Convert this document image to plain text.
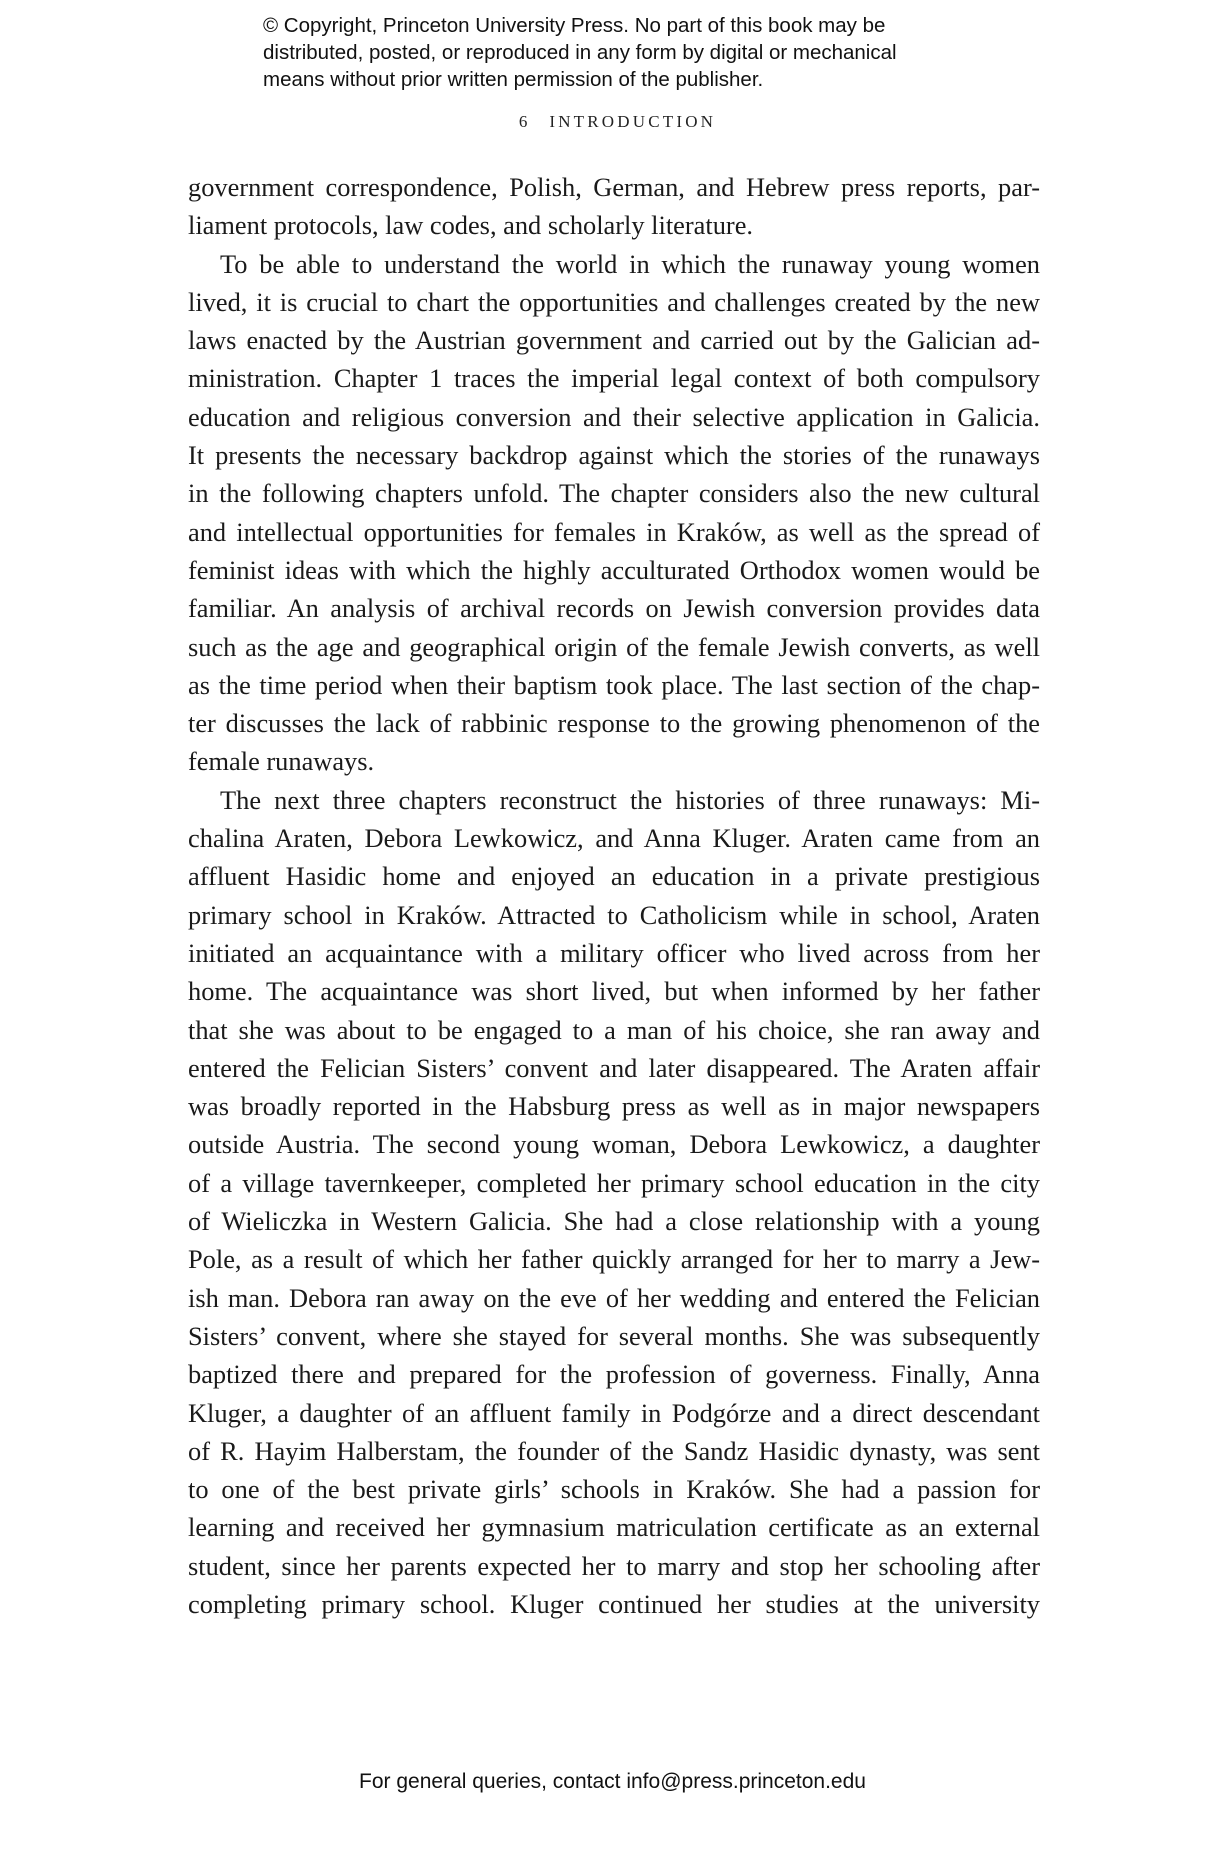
© Copyright, Princeton University Press. No part of this book may be
distributed, posted, or reproduced in any form by digital or mechanical
means without prior written permission of the publisher.
6 INTRODUCTION
government correspondence, Polish, German, and Hebrew press reports, par-
liament protocols, law codes, and scholarly literature.
To be able to understand the world in which the runaway young women
lived, it is crucial to chart the opportunities and challenges created by the new
laws enacted by the Austrian government and carried out by the Galician ad-
ministration. Chapter 1 traces the imperial legal context of both compulsory
education and religious conversion and their selective application in Galicia.
It presents the necessary backdrop against which the stories of the runaways
in the following chapters unfold. The chapter considers also the new cultural
and intellectual opportunities for females in Kraków, as well as the spread of
feminist ideas with which the highly acculturated Orthodox women would be
familiar. An analysis of archival records on Jewish conversion provides data
such as the age and geographical origin of the female Jewish converts, as well
as the time period when their baptism took place. The last section of the chap-
ter discusses the lack of rabbinic response to the growing phenomenon of the
female runaways.
The next three chapters reconstruct the histories of three runaways: Mi-
chalina Araten, Debora Lewkowicz, and Anna Kluger. Araten came from an
affluent Hasidic home and enjoyed an education in a private prestigious
primary school in Kraków. Attracted to Catholicism while in school, Araten
initiated an acquaintance with a military officer who lived across from her
home. The acquaintance was short lived, but when informed by her father
that she was about to be engaged to a man of his choice, she ran away and
entered the Felician Sisters’ convent and later disappeared. The Araten affair
was broadly reported in the Habsburg press as well as in major newspapers
outside Austria. The second young woman, Debora Lewkowicz, a daughter
of a village tavernkeeper, completed her primary school education in the city
of Wieliczka in Western Galicia. She had a close relationship with a young
Pole, as a result of which her father quickly arranged for her to marry a Jew-
ish man. Debora ran away on the eve of her wedding and entered the Felician
Sisters’ convent, where she stayed for several months. She was subsequently
baptized there and prepared for the profession of governess. Finally, Anna
Kluger, a daughter of an affluent family in Podgórze and a direct descendant
of R. Hayim Halberstam, the founder of the Sandz Hasidic dynasty, was sent
to one of the best private girls’ schools in Kraków. She had a passion for
learning and received her gymnasium matriculation certificate as an external
student, since her parents expected her to marry and stop her schooling after
completing primary school. Kluger continued her studies at the university
For general queries, contact info@press.princeton.edu
